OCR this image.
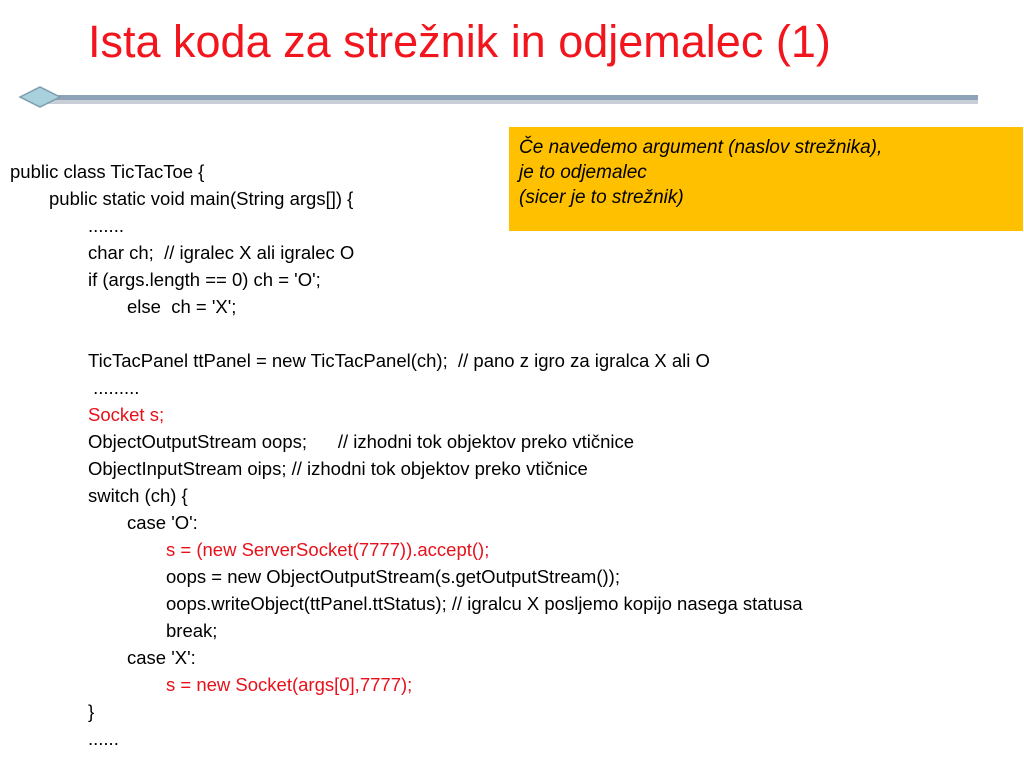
Ista koda za strežnik in odjemalec (1)
Če navedemo argument (naslov strežnika),
je to odjemalec
(sicer je to strežnik)
public class TicTacToe {
public static void main(String args[]) {
.......
char ch;  // igralec X ali igralec O
if (args.length == 0) ch = 'O';
else  ch = 'X';
TicTacPanel ttPanel = new TicTacPanel(ch);  // pano z igro za igralca X ali O
.........
Socket s;
ObjectOutputStream oops;      // izhodni tok objektov preko vtičnice
ObjectInputStream oips; // izhodni tok objektov preko vtičnice
switch (ch) {
case 'O':
s = (new ServerSocket(7777)).accept();
oops = new ObjectOutputStream(s.getOutputStream());
oops.writeObject(ttPanel.ttStatus); // igralcu X posljemo kopijo nasega statusa
break;
case 'X':
s = new Socket(args[0],7777);
}
......
